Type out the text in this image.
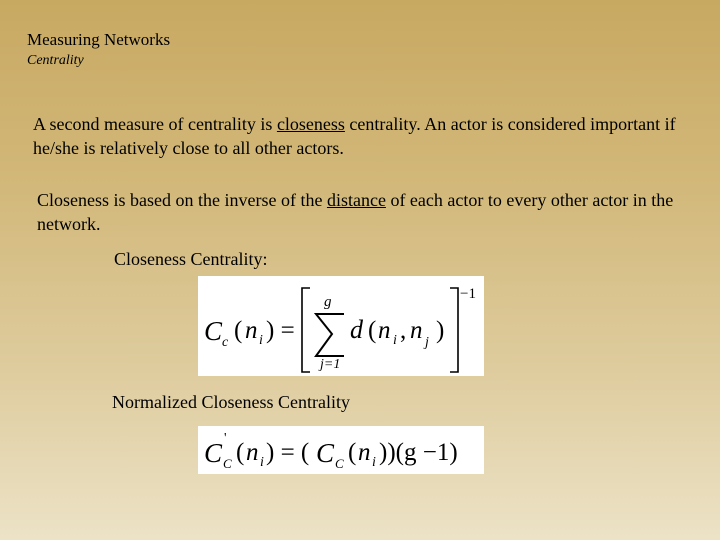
Measuring Networks
Centrality
A second measure of centrality is closeness centrality. An actor is considered important if he/she is relatively close to all other actors.
Closeness is based on the inverse of the distance of each actor to every other actor in the network.
Closeness Centrality:
C c ( n i ) =
g
j=1
d ( n i , n j )
−1
Normalized Closeness Centrality
C '
C ( n i ) = ( C C ( n i ))(g −1)
